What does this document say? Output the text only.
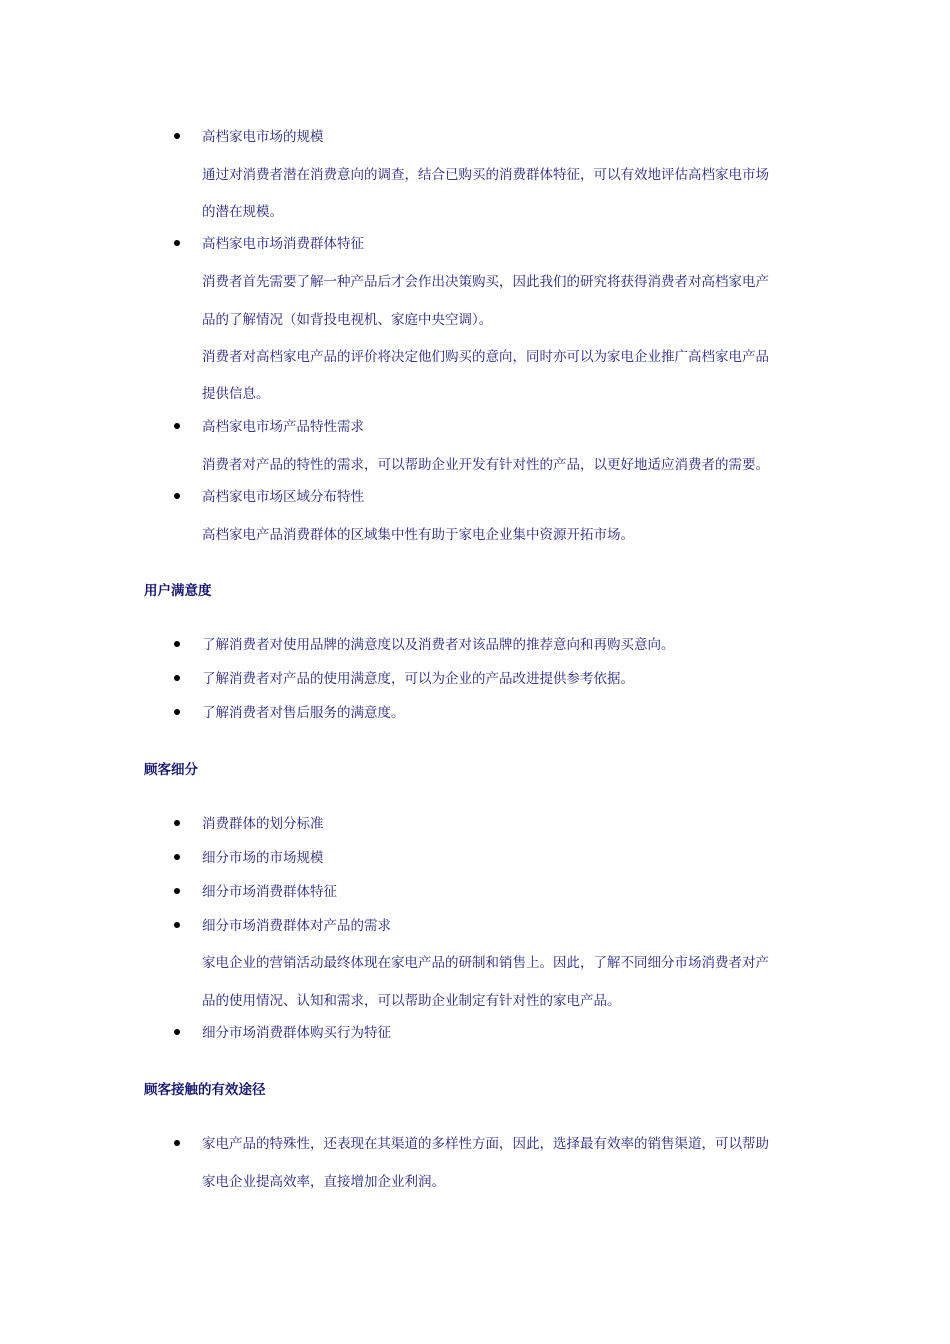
高档家电市场的规模
通过对消费者潜在消费意向的调查，结合已购买的消费群体特征，可以有效地评估高档家电市场
的潜在规模。
高档家电市场消费群体特征
消费者首先需要了解一种产品后才会作出决策购买，因此我们的研究将获得消费者对高档家电产
品的了解情况（如背投电视机、家庭中央空调）。
消费者对高档家电产品的评价将决定他们购买的意向，同时亦可以为家电企业推广高档家电产品
提供信息。
高档家电市场产品特性需求
消费者对产品的特性的需求，可以帮助企业开发有针对性的产品，以更好地适应消费者的需要。
高档家电市场区域分布特性
高档家电产品消费群体的区域集中性有助于家电企业集中资源开拓市场。
用户满意度
了解消费者对使用品牌的满意度以及消费者对该品牌的推荐意向和再购买意向。
了解消费者对产品的使用满意度，可以为企业的产品改进提供参考依据。
了解消费者对售后服务的满意度。
顾客细分
消费群体的划分标准
细分市场的市场规模
细分市场消费群体特征
细分市场消费群体对产品的需求
家电企业的营销活动最终体现在家电产品的研制和销售上。因此，了解不同细分市场消费者对产
品的使用情况、认知和需求，可以帮助企业制定有针对性的家电产品。
细分市场消费群体购买行为特征
顾客接触的有效途径
家电产品的特殊性，还表现在其渠道的多样性方面，因此，选择最有效率的销售渠道，可以帮助
家电企业提高效率，直接增加企业利润。
